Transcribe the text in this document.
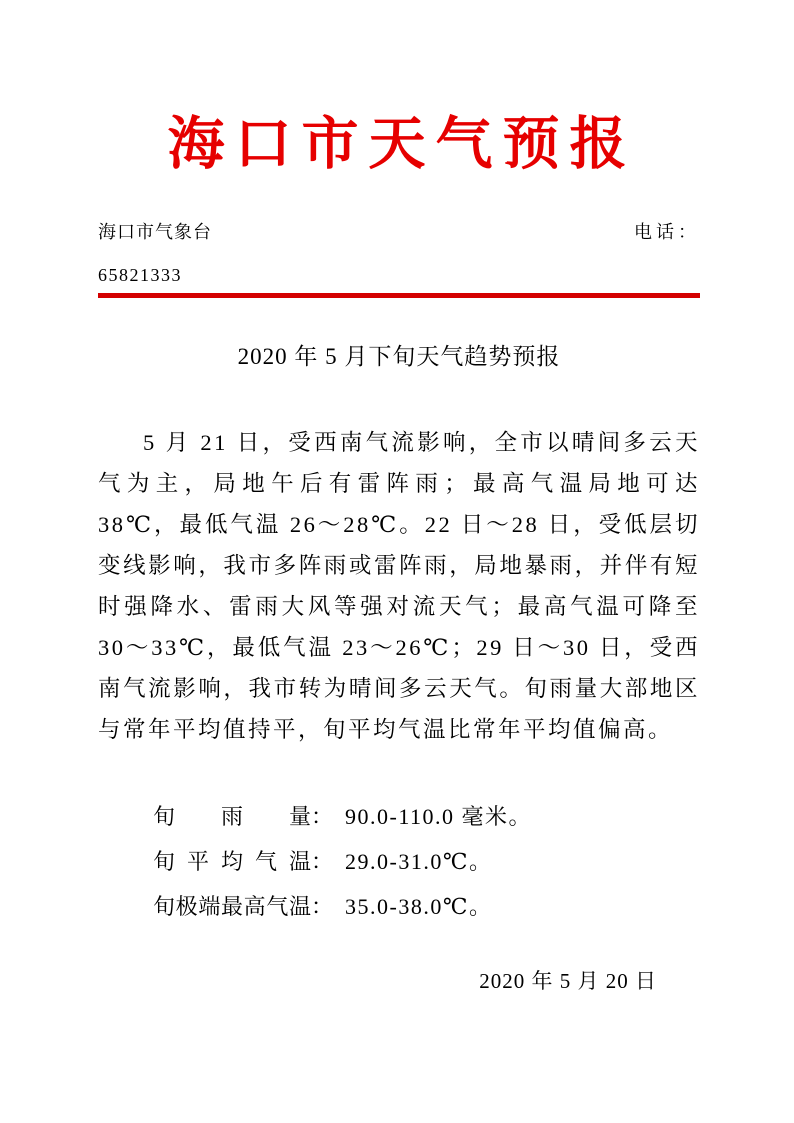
海口市天气预报
海口市气象台	电话：
65821333
2020 年 5 月下旬天气趋势预报

5 月 21 日，受西南气流影响，全市以晴间多云天气为主，局地午后有雷阵雨；最高气温局地可达 38℃，最低气温 26～28℃。22 日～28 日，受低层切变线影响，我市多阵雨或雷阵雨，局地暴雨，并伴有短时强降水、雷雨大风等强对流天气；最高气温可降至 30～33℃，最低气温 23～26℃；29 日～30 日，受西南气流影响，我市转为晴间多云天气。旬雨量大部地区与常年平均值持平，旬平均气温比常年平均值偏高。

旬雨量： 90.0-110.0 毫米。
旬平均气温： 29.0-31.0℃。
旬极端最高气温： 35.0-38.0℃。
2020 年 5 月 20 日
